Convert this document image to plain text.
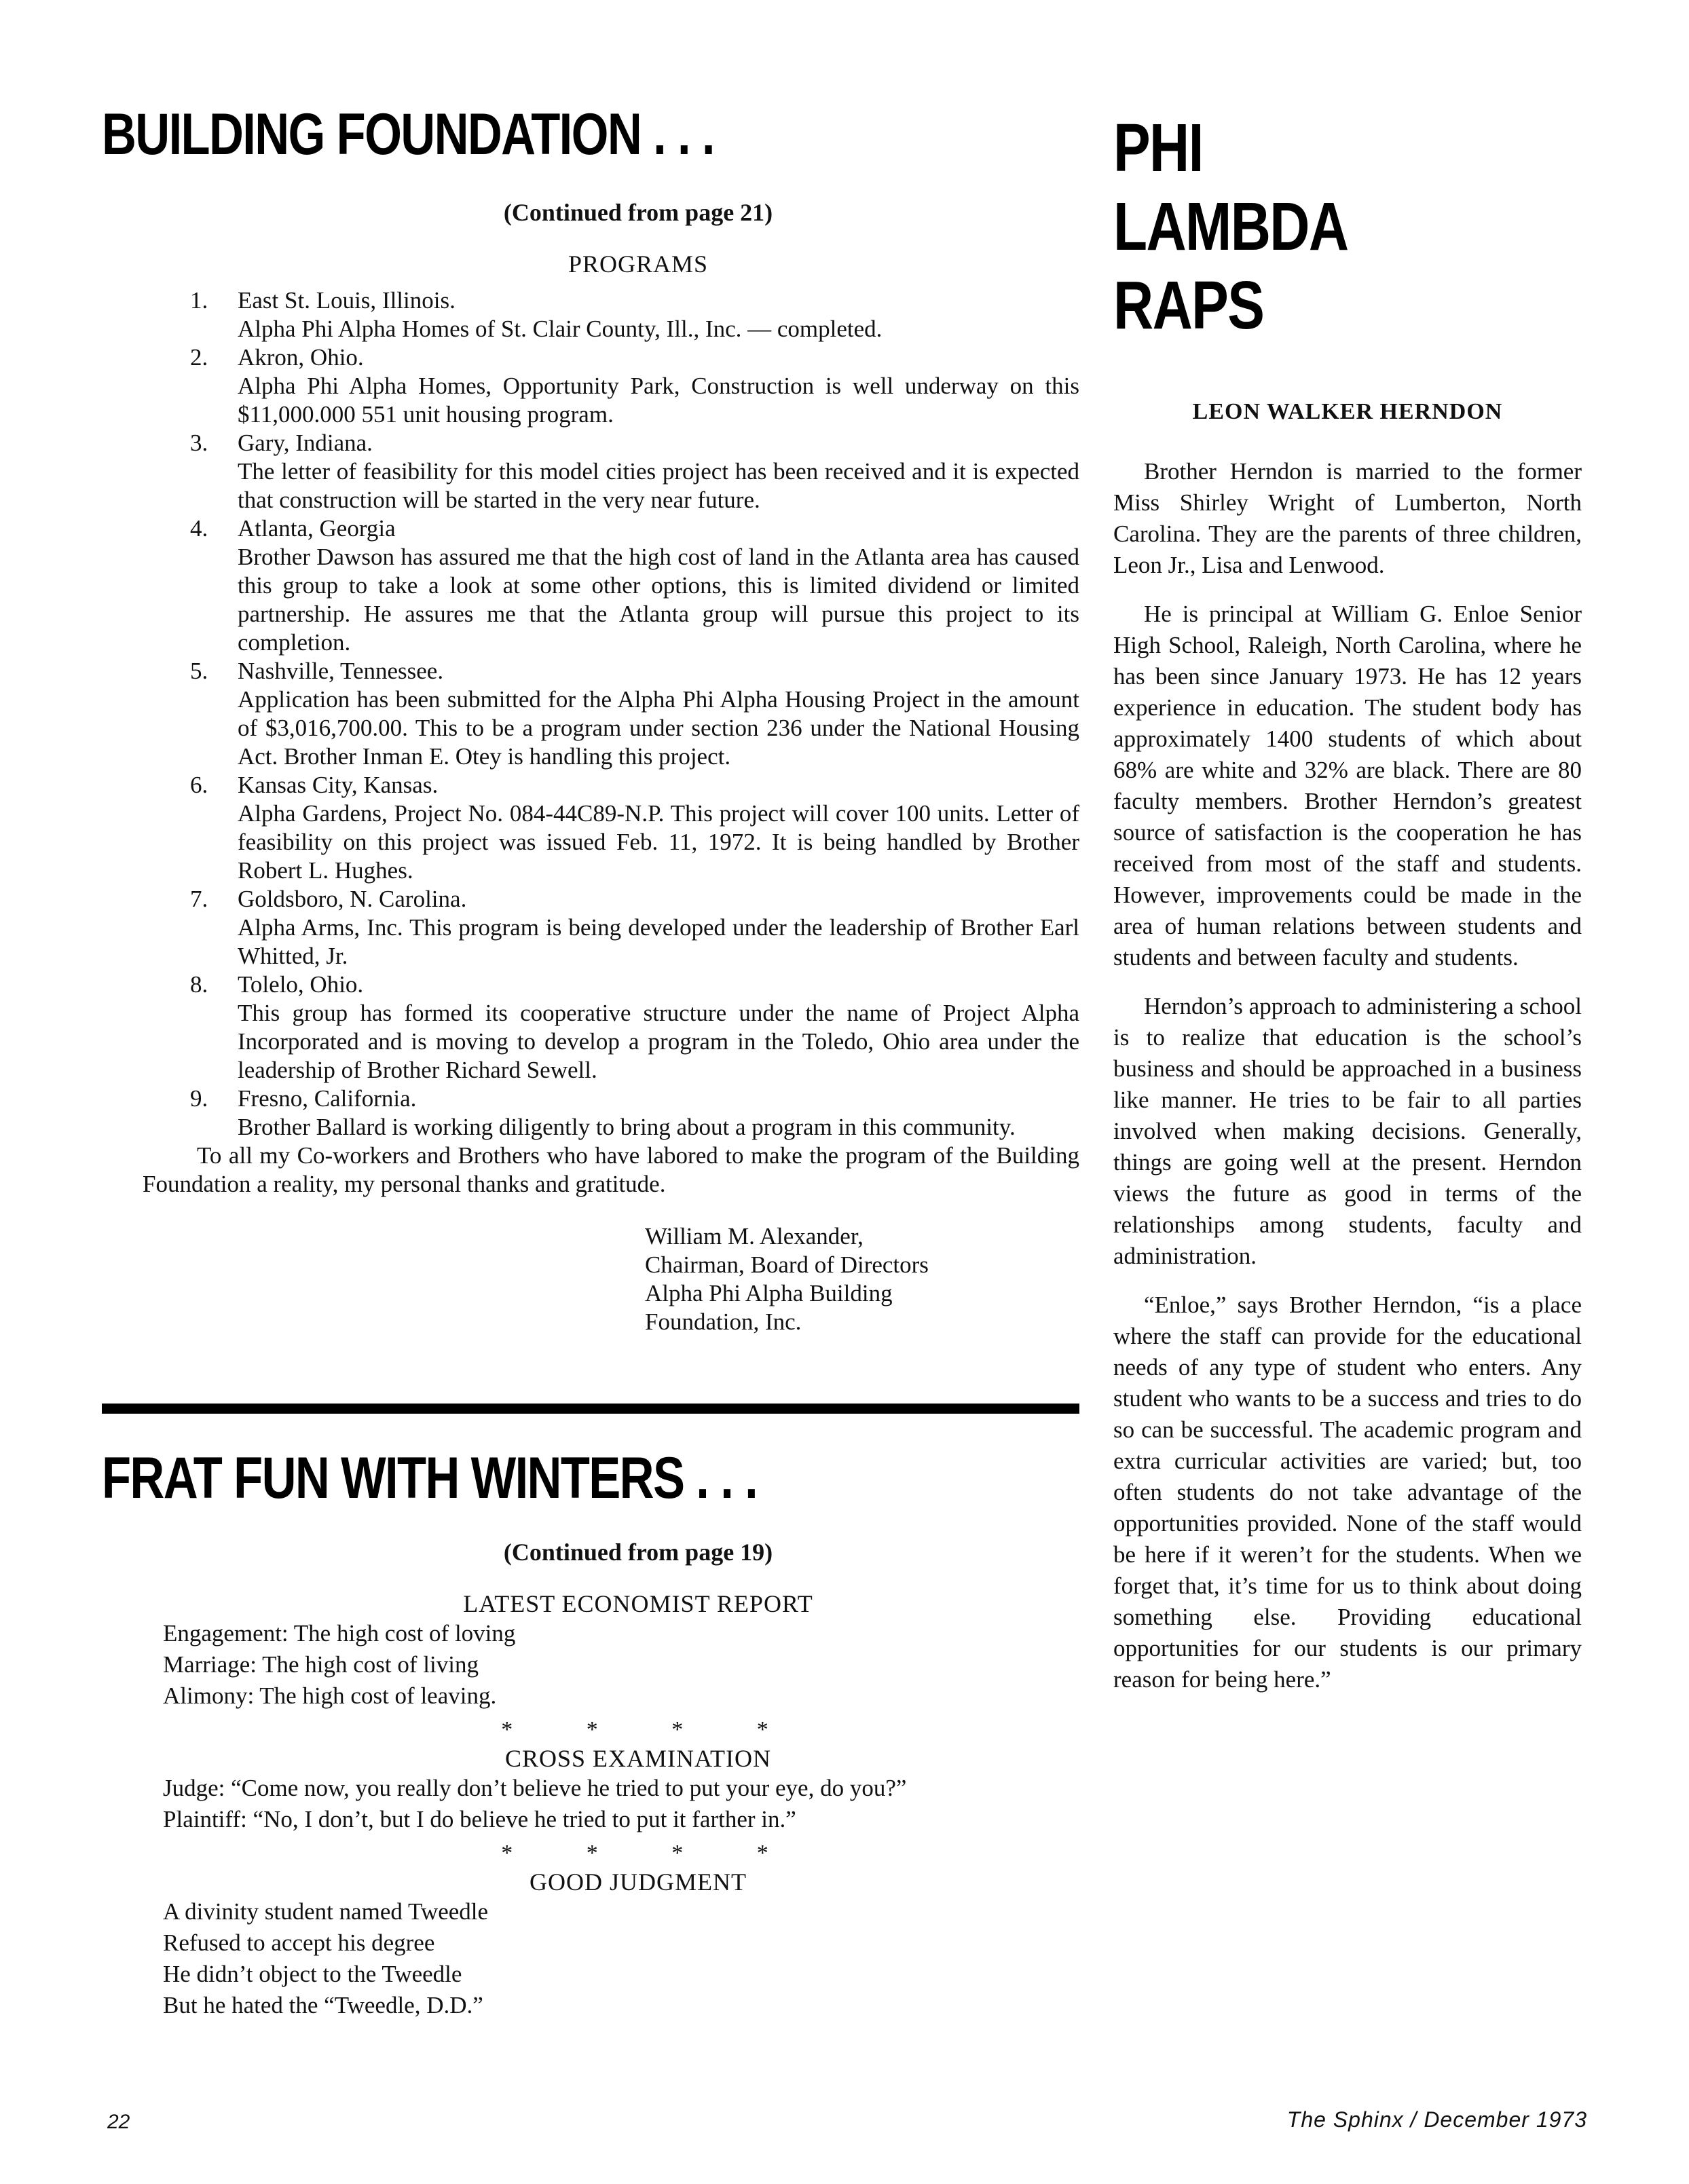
BUILDING FOUNDATION . . .
(Continued from page 21)
PROGRAMS
1. East St. Louis, Illinois.
Alpha Phi Alpha Homes of St. Clair County, Ill., Inc. — completed.
2. Akron, Ohio.
Alpha Phi Alpha Homes, Opportunity Park, Construction is well underway on this $11,000.000 551 unit housing program.
3. Gary, Indiana.
The letter of feasibility for this model cities project has been received and it is expected that construction will be started in the very near future.
4. Atlanta, Georgia
Brother Dawson has assured me that the high cost of land in the Atlanta area has caused this group to take a look at some other options, this is limited dividend or limited partnership. He assures me that the Atlanta group will pursue this project to its completion.
5. Nashville, Tennessee.
Application has been submitted for the Alpha Phi Alpha Housing Project in the amount of $3,016,700.00. This to be a program under section 236 under the National Housing Act. Brother Inman E. Otey is handling this project.
6. Kansas City, Kansas.
Alpha Gardens, Project No. 084-44C89-N.P. This project will cover 100 units. Letter of feasibility on this project was issued Feb. 11, 1972. It is being handled by Brother Robert L. Hughes.
7. Goldsboro, N. Carolina.
Alpha Arms, Inc. This program is being developed under the leadership of Brother Earl Whitted, Jr.
8. Tolelo, Ohio.
This group has formed its cooperative structure under the name of Project Alpha Incorporated and is moving to develop a program in the Toledo, Ohio area under the leadership of Brother Richard Sewell.
9. Fresno, California.
Brother Ballard is working diligently to bring about a program in this community.

To all my Co-workers and Brothers who have labored to make the program of the Building Foundation a reality, my personal thanks and gratitude.

William M. Alexander,
Chairman, Board of Directors
Alpha Phi Alpha Building
Foundation, Inc.
FRAT FUN WITH WINTERS . . .
(Continued from page 19)
LATEST ECONOMIST REPORT
Engagement: The high cost of loving
Marriage: The high cost of living
Alimony: The high cost of leaving.
* * * *
CROSS EXAMINATION
Judge: “Come now, you really don’t believe he tried to put your eye, do you?”
Plaintiff: “No, I don’t, but I do believe he tried to put it farther in.”
* * * *
GOOD JUDGMENT
A divinity student named Tweedle
Refused to accept his degree
He didn’t object to the Tweedle
But he hated the “Tweedle, D.D.”
PHI
LAMBDA
RAPS
LEON WALKER HERNDON

Brother Herndon is married to the former Miss Shirley Wright of Lumberton, North Carolina. They are the parents of three children, Leon Jr., Lisa and Lenwood.

He is principal at William G. Enloe Senior High School, Raleigh, North Carolina, where he has been since January 1973. He has 12 years experience in education. The student body has approximately 1400 students of which about 68% are white and 32% are black. There are 80 faculty members. Brother Herndon’s greatest source of satisfaction is the cooperation he has received from most of the staff and students. However, improvements could be made in the area of human relations between students and students and between faculty and students.

Herndon’s approach to administering a school is to realize that education is the school’s business and should be approached in a business like manner. He tries to be fair to all parties involved when making decisions. Generally, things are going well at the present. Herndon views the future as good in terms of the relationships among students, faculty and administration.

“Enloe,” says Brother Herndon, “is a place where the staff can provide for the educational needs of any type of student who enters. Any student who wants to be a success and tries to do so can be successful. The academic program and extra curricular activities are varied; but, too often students do not take advantage of the opportunities provided. None of the staff would be here if it weren’t for the students. When we forget that, it’s time for us to think about doing something else. Providing educational opportunities for our students is our primary reason for being here.”

22	The Sphinx / December 1973
